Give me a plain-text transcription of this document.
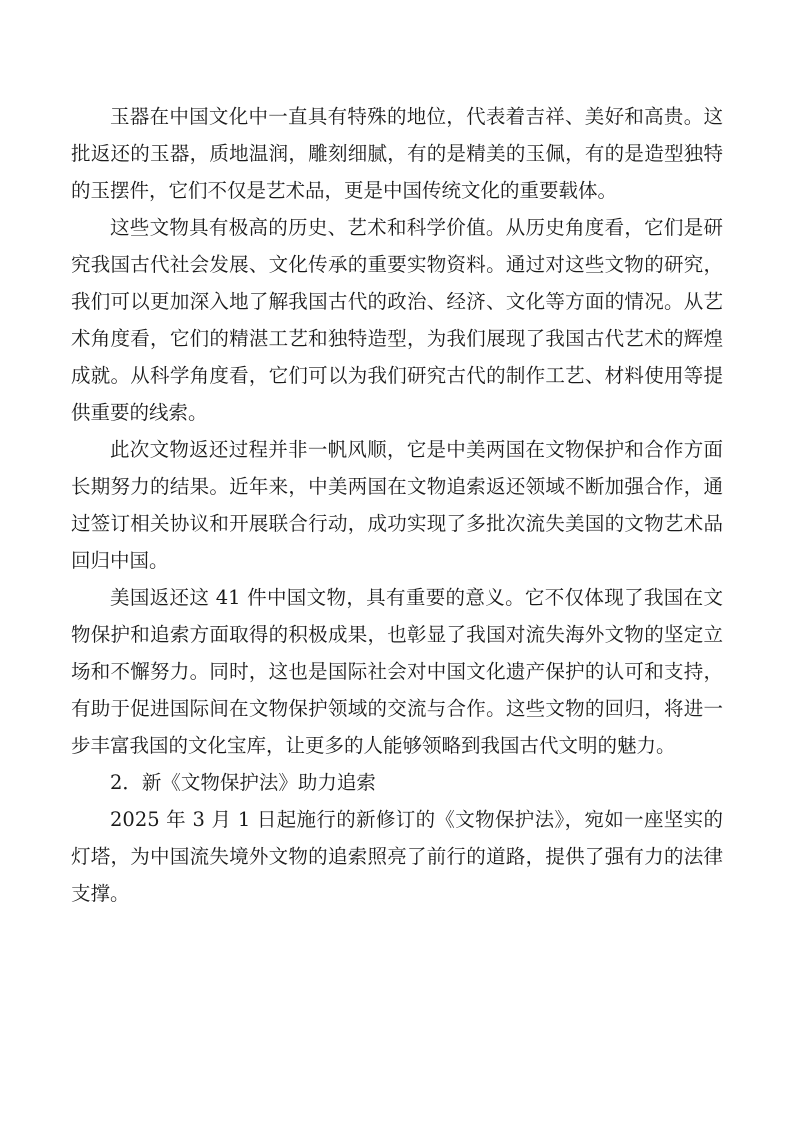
玉器在中国文化中一直具有特殊的地位，代表着吉祥、美好和高贵。这批返还的玉器，质地温润，雕刻细腻，有的是精美的玉佩，有的是造型独特的玉摆件，它们不仅是艺术品，更是中国传统文化的重要载体。

这些文物具有极高的历史、艺术和科学价值。从历史角度看，它们是研究我国古代社会发展、文化传承的重要实物资料。通过对这些文物的研究，我们可以更加深入地了解我国古代的政治、经济、文化等方面的情况。从艺术角度看，它们的精湛工艺和独特造型，为我们展现了我国古代艺术的辉煌成就。从科学角度看，它们可以为我们研究古代的制作工艺、材料使用等提供重要的线索。

此次文物返还过程并非一帆风顺，它是中美两国在文物保护和合作方面长期努力的结果。近年来，中美两国在文物追索返还领域不断加强合作，通过签订相关协议和开展联合行动，成功实现了多批次流失美国的文物艺术品回归中国。

美国返还这 41 件中国文物，具有重要的意义。它不仅体现了我国在文物保护和追索方面取得的积极成果，也彰显了我国对流失海外文物的坚定立场和不懈努力。同时，这也是国际社会对中国文化遗产保护的认可和支持，有助于促进国际间在文物保护领域的交流与合作。这些文物的回归，将进一步丰富我国的文化宝库，让更多的人能够领略到我国古代文明的魅力。

2．新《文物保护法》助力追索

2025 年 3 月 1 日起施行的新修订的《文物保护法》，宛如一座坚实的灯塔，为中国流失境外文物的追索照亮了前行的道路，提供了强有力的法律支撑。
